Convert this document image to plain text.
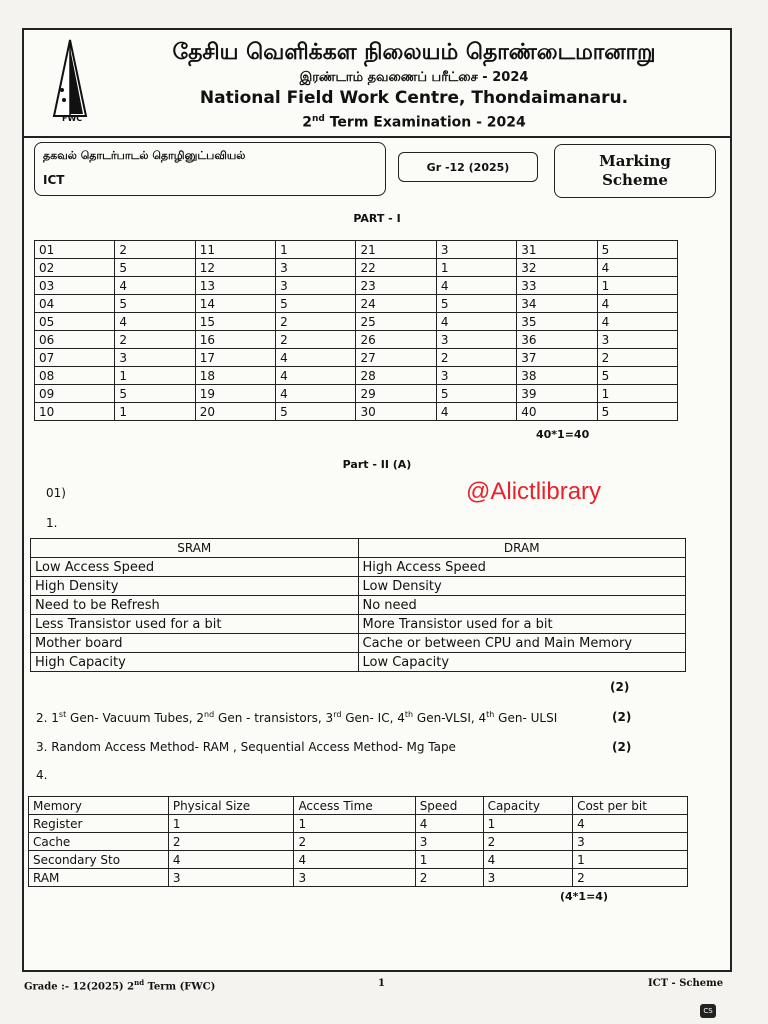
FWC
தேசிய வெளிக்கள நிலையம் தொண்டைமானாறு
இரண்டாம் தவணைப் பரீட்சை - 2024
National Field Work Centre, Thondaimanaru.
2nd Term Examination - 2024
தகவல் தொடர்பாடல் தொழினுட்பவியல்
ICT
Gr -12 (2025)	Marking
Scheme
PART - I
01	2	11	1	21	3	31	5
02	5	12	3	22	1	32	4
03	4	13	3	23	4	33	1
04	5	14	5	24	5	34	4
05	4	15	2	25	4	35	4
06	2	16	2	26	3	36	3
07	3	17	4	27	2	37	2
08	1	18	4	28	3	38	5
09	5	19	4	29	5	39	1
10	1	20	5	30	4	40	5
40*1=40
Part - II (A)
01)	@Alictlibrary
1.
SRAM	DRAM
Low Access Speed	High Access Speed
High Density	Low Density
Need to be Refresh	No need
Less Transistor used for a bit	More Transistor used for a bit
Mother board	Cache or between CPU and Main Memory
High Capacity	Low Capacity
(2)
2. 1st Gen- Vacuum Tubes, 2nd Gen - transistors, 3rd Gen- IC, 4th Gen-VLSI, 4th Gen- ULSI	(2)
3. Random Access Method- RAM , Sequential Access Method- Mg Tape	(2)
4.
Memory	Physical Size	Access Time	Speed	Capacity	Cost per bit
Register	1	1	4	1	4
Cache	2	2	3	2	3
Secondary Sto	4	4	1	4	1
RAM	3	3	2	3	2
(4*1=4)
Grade :- 12(2025) 2nd Term (FWC)	1	ICT - Scheme
CS
